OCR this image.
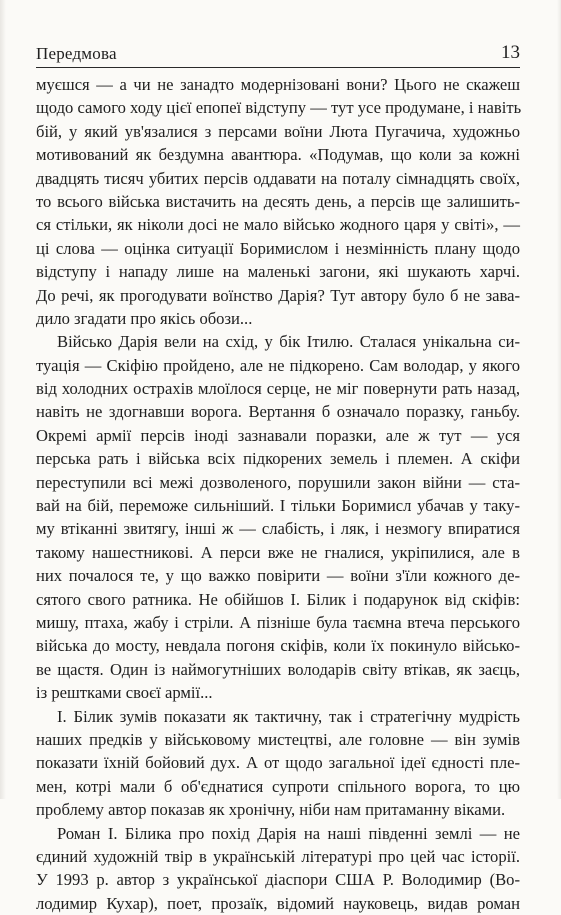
Передмова	13
муєшся — а чи не занадто модернізовані вони? Цього не скажеш
щодо самого ходу цієї епопеї відступу — тут усе продумане, і навіть
бій, у який ув'язалися з персами воїни Люта Пугачича, художньо
мотивований як бездумна авантюра. «Подумав, що коли за кожні
двадцять тисяч убитих персів оддавати на поталу сімнадцять своїх,
то всього війська вистачить на десять день, а персів ще залишить-
ся стільки, як ніколи досі не мало військо жодного царя у світі», —
ці слова — оцінка ситуації Боримислом і незмінність плану щодо
відступу і нападу лише на маленькі загони, які шукають харчі.
До речі, як прогодувати воїнство Дарія? Тут автору було б не зава-
дило згадати про якісь обози...
Військо Дарія вели на схід, у бік Ітилю. Сталася унікальна си-
туація — Скіфію пройдено, але не підкорено. Сам володар, у якого
від холодних острахів млоїлося серце, не міг повернути рать назад,
навіть не здогнавши ворога. Вертання б означало поразку, ганьбу.
Окремі армії персів іноді зазнавали поразки, але ж тут — уся
перська рать і війська всіх підкорених земель і племен. А скіфи
переступили всі межі дозволеного, порушили закон війни — ста-
вай на бій, переможе сильніший. І тільки Боримисл убачав у таку-
му втіканні звитягу, інші ж — слабість, і ляк, і незмогу впиратися
такому нашестникові. А перси вже не гналися, укріпилися, але в
них почалося те, у що важко повірити — воїни з'їли кожного де-
сятого свого ратника. Не обійшов І. Білик і подарунок від скіфів:
мишу, птаха, жабу і стріли. А пізніше була таємна втеча перського
війська до мосту, невдала погоня скіфів, коли їх покинуло військо-
ве щастя. Один із наймогутніших володарів світу втікав, як заєць,
із рештками своєї армії...
І. Білик зумів показати як тактичну, так і стратегічну мудрість
наших предків у військовому мистецтві, але головне — він зумів
показати їхній бойовий дух. А от щодо загальної ідеї єдності пле-
мен, котрі мали б об'єднатися супроти спільного ворога, то цю
проблему автор показав як хронічну, ніби нам притаманну віками.
Роман І. Білика про похід Дарія на наші південні землі — не
єдиний художній твір в українській літературі про цей час історії.
У 1993 р. автор з української діаспори США Р. Володимир (Во-
лодимир Кухар), поет, прозаїк, відомий науковець, видав роман
